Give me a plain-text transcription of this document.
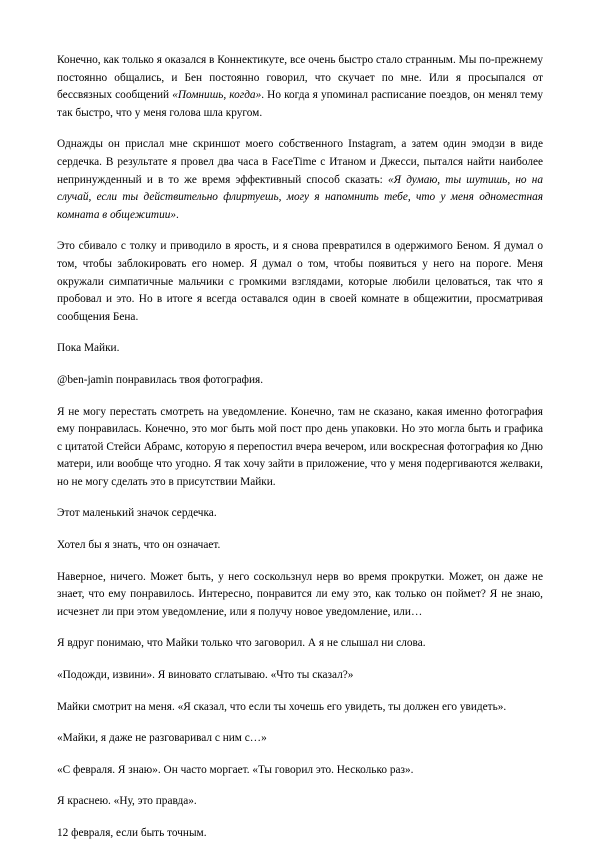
Конечно, как только я оказался в Коннектикуте, все очень быстро стало странным. Мы по-прежнему постоянно общались, и Бен постоянно говорил, что скучает по мне. Или я просыпался от бессвязных сообщений «Помнишь, когда». Но когда я упоминал расписание поездов, он менял тему так быстро, что у меня голова шла кругом.

Однажды он прислал мне скриншот моего собственного Instagram, а затем один эмодзи в виде сердечка. В результате я провел два часа в FaceTime с Итаном и Джесси, пытался найти наиболее непринужденный и в то же время эффективный способ сказать: «Я думаю, ты шутишь, но на случай, если ты действительно флиртуешь, могу я напомнить тебе, что у меня одноместная комната в общежитии».

Это сбивало с толку и приводило в ярость, и я снова превратился в одержимого Беном. Я думал о том, чтобы заблокировать его номер. Я думал о том, чтобы появиться у него на пороге. Меня окружали симпатичные мальчики с громкими взглядами, которые любили целоваться, так что я пробовал и это. Но в итоге я всегда оставался один в своей комнате в общежитии, просматривая сообщения Бена.

Пока Майки.

@ben-jamin понравилась твоя фотография.

Я не могу перестать смотреть на уведомление. Конечно, там не сказано, какая именно фотография ему понравилась. Конечно, это мог быть мой пост про день упаковки. Но это могла быть и графика с цитатой Стейси Абрамс, которую я перепостил вчера вечером, или воскресная фотография ко Дню матери, или вообще что угодно. Я так хочу зайти в приложение, что у меня подергиваются желваки, но не могу сделать это в присутствии Майки.

Этот маленький значок сердечка.

Хотел бы я знать, что он означает.

Наверное, ничего. Может быть, у него соскользнул нерв во время прокрутки. Может, он даже не знает, что ему понравилось. Интересно, понравится ли ему это, как только он поймет? Я не знаю, исчезнет ли при этом уведомление, или я получу новое уведомление, или…

Я вдруг понимаю, что Майки только что заговорил. А я не слышал ни слова.

«Подожди, извини». Я виновато сглатываю. «Что ты сказал?»

Майки смотрит на меня. «Я сказал, что если ты хочешь его увидеть, ты должен его увидеть».

«Майки, я даже не разговаривал с ним с…»

«С февраля. Я знаю». Он часто моргает. «Ты говорил это. Несколько раз».

Я краснею. «Ну, это правда».

12 февраля, если быть точным.
